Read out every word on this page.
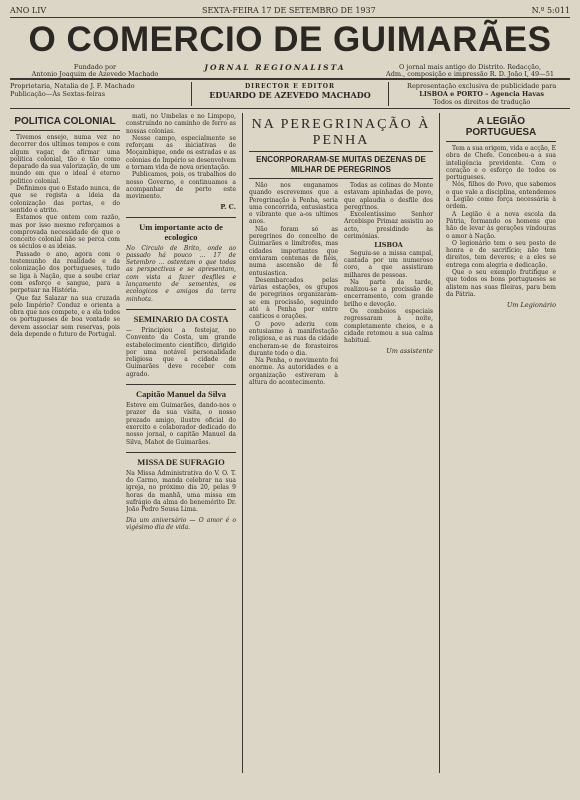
ANO LIV	SEXTA-FEIRA 17 DE SETEMBRO DE 1937	N.º 5:011
O COMERCIO DE GUIMARÃES
Fundado por
Antonio Joaquim de Azevedo Machado
JORNAL REGIONALISTA	O jornal mais antigo do Distrito. Redacção,
Adm., composição e impressão R. D. João I, 49—51
Proprietaria, Natalia de J. F. Machado
Publicação—Às Sextas-feiras
DIRECTOR E EDITOR
EDUARDO DE AZEVEDO MACHADO
Representação exclusiva de publicidade para
LISBOA e PORTO – Agencia Havas
Todos os direitos de tradução
POLITICA COLONIAL

Tivemos ensejo, numa vez no decorrer dos ultimos tempos e com algum vagar, de afirmar uma politica colonial, tão e tão como deparado da sua valorização, de um mundo em que o ideal é eterno politico colonial.

Definimos que o Estado nunca, de que se regista a ideia da colonização das portas, e do sentido e atrito.

Estamos que ontem com razão, mas por isso mesmo reforçamos a comprovada necessidade de que o conceito colonial não se perca com os séculos e as ideias.

Passado o ano, agora com o testemunho da realidade e da colonização dos portugueses, tudo se liga à Nação, que a soube criar com esforço e sangue, para a perpetuar na História.

Que faz Salazar na sua cruzada pelo Império? Conduz e orienta a obra que nos compete, e a ela todos os portugueses de boa vontade se devem associar sem reservas, pois dela depende o futuro de Portugal.

mati, no Umbelas e no Limpopo, construíndo no caminho de ferro as nossas colonias.

Nesse campo, especialmente se reforçam as iniciativas de Moçambique, onde os estradas e as colonias do Império se desenvolvem e tornam vida de nova orientação.

Publicamos, pois, os trabalhos do nosso Governo, e continuamos a acompanhar de perto este movimento.

P. C.
Um importante acto de ecologico
No Circulo de Brito, onde ao passado há pouco ... 17 de Setembro ... ostentam o que todas as perspectivas e se apresentam, com vista a fazer desfiles e lançamento de sementes, os ecologicos e amigos da terra minhota.
SEMINARIO DA COSTA
— Principiou a festejar, no Convento da Costa, um grande estabelecimento científico, dirigido por uma notável personalidade religiosa que a cidade de Guimarães deve receber com agrado.
Capitão Manuel da Silva
Esteve em Guimarães, dando-nos o prazer da sua visita, o nosso prezado amigo, ilustre oficial do exercito e colaborador dedicado do nosso jornal, o capitão Manuel da Silva, Mahot de Guimarães.
MISSA DE SUFRAGIO
Na Missa Administrativa do V. O. T. do Carmo, manda celebrar na sua igreja, no próximo dia 20, pelas 9 horas da manhã, uma missa em sufrágio da alma do benemérito Dr. João Pedro Sousa Lima.
Dia um aniversário — O amor é o vigésimo dia de vida.
NA PEREGRINAÇÃO À PENHA
ENCORPORARAM-SE MUITAS DEZENAS DE MILHAR DE PEREGRINOS

Não nos enganamos quando escrevemos que a Peregrinação à Penha, seria uma concorrida, entusiastica e vibrante que a-os ultimos anos.

Não foram só as peregrinos do concelho de Guimarães e limítrofes, mas cidades importantes que enviaram centenas de fiéis, numa ascensão de fé entusiastica.

Desembarcados pelas várias estações, os grupos de peregrinos organizaram-se em procissão, seguindo até à Penha por entre canticos e orações.

O povo aderiu com entusiasmo à manifestação religiosa, e as ruas da cidade encheram-se de forasteiros durante todo o dia.

Na Penha, o movimento foi enorme. As autoridades e a organização estiveram à altura do acontecimento.

Todas as colinas do Monte estavam apinhadas de povo, que aplaudia o desfile dos peregrinos.

Excelentíssimo Senhor Arcebispo Primaz assistiu ao acto, presidindo às cerimónias.

LISBOA

Seguiu-se a missa campal, cantada por um numeroso coro, a que assistiram milhares de pessoas.

Na parte da tarde, realizou-se a procissão de encerramento, com grande brilho e devoção.

Os comboios especiais regressaram à noite, completamente cheios, e a cidade retomou a sua calma habitual.

Um assistente
A LEGIÃO PORTUGUESA

Tem a sua origem, vida e acção, E obra de Chefe. Concebeu-a a sua inteligência previdente. Com o coração e o esforço de todos os portugueses.

Nós, filhos do Povo, que sabemos o que vale a disciplina, entendemos a Legião como força necessária à ordem.

A Legião é a nova escola da Pátria, formando os homens que hão de levar às gerações vindouras o amor à Nação.

O legionário tem o seu posto de honra e de sacrifício; não tem direitos, tem deveres; e a eles se entrega com alegria e dedicação.

Que o seu exemplo frutifique e que todos os bons portugueses se alistem nas suas fileiras, para bem da Pátria.

Um Legionário
